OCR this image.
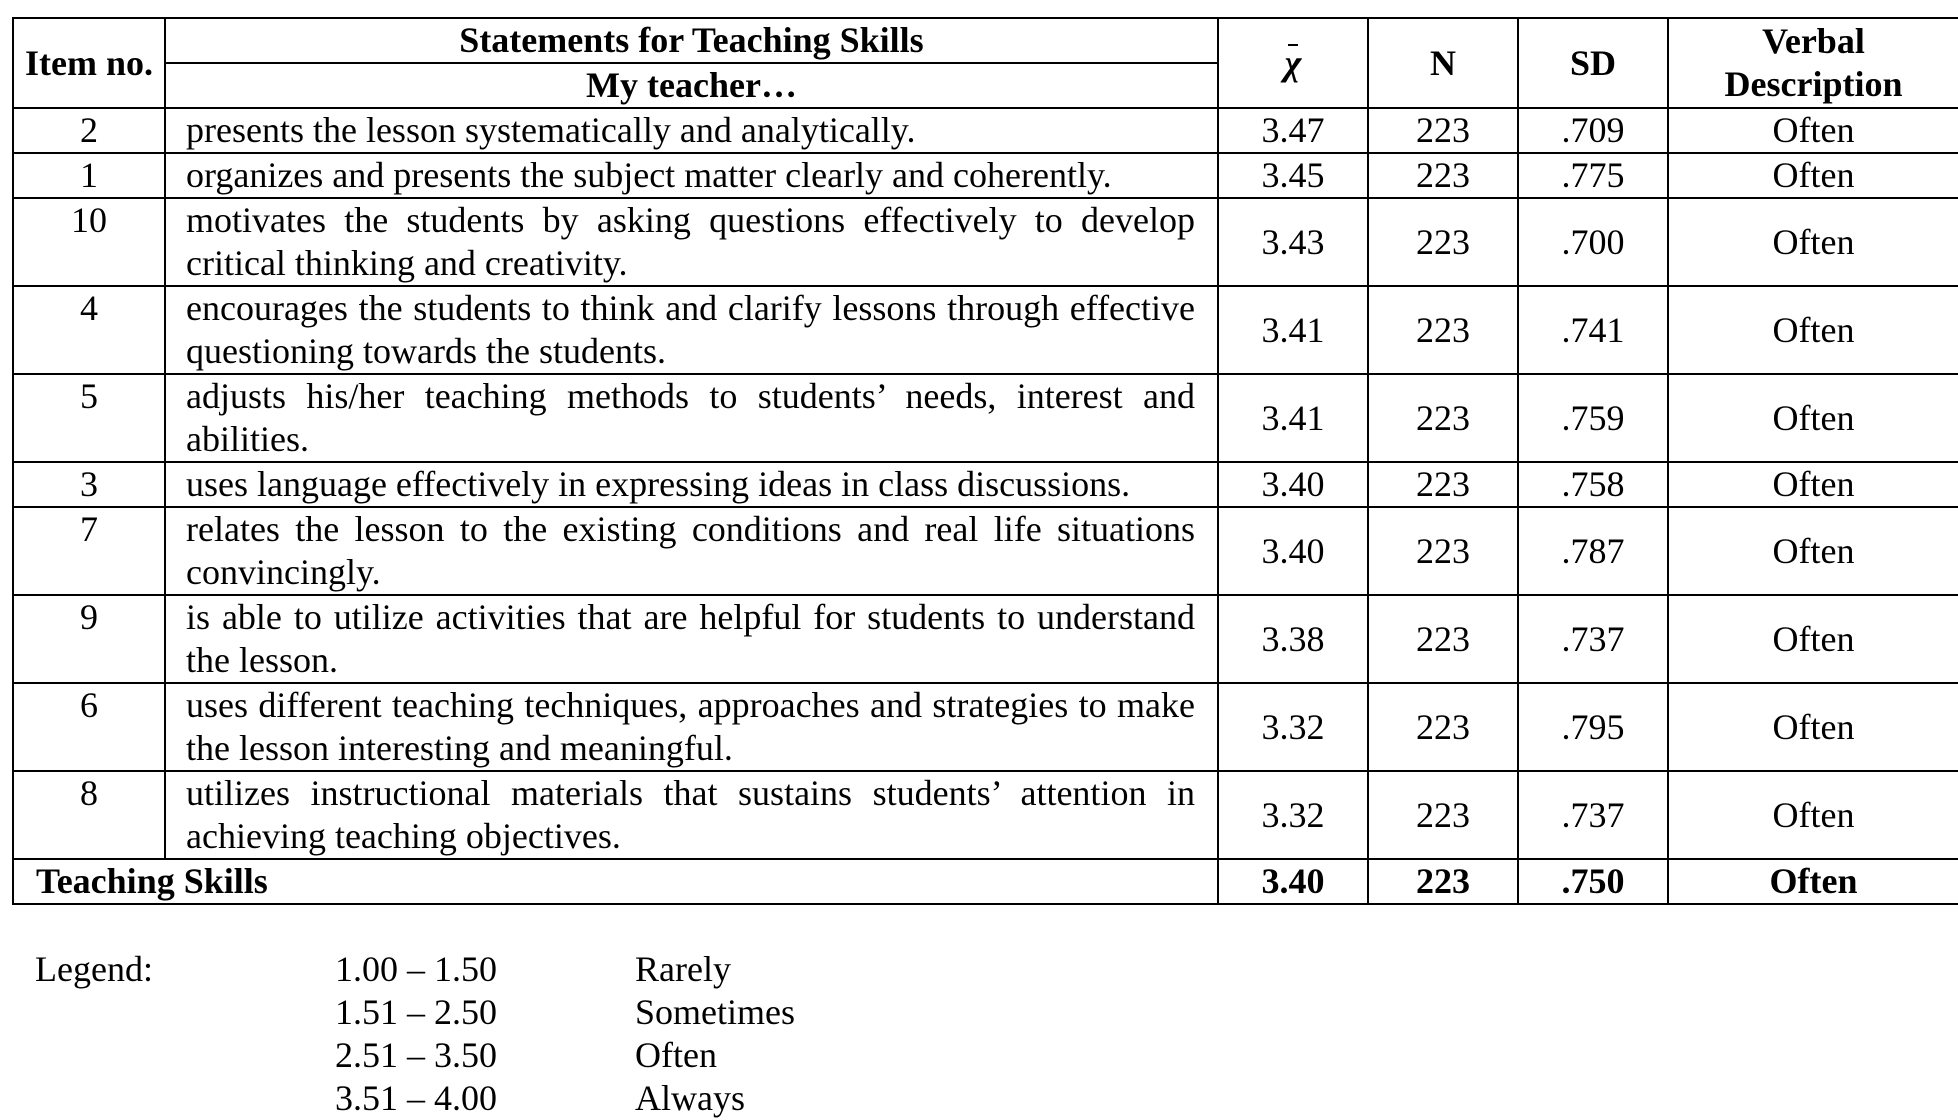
Item no.	Statements for Teaching Skills	χ	N	SD	Verbal Description
	My teacher…				
2	presents the lesson systematically and analytically.	3.47	223	.709	Often
1	organizes and presents the subject matter clearly and coherently.	3.45	223	.775	Often
10	motivates the students by asking questions effectively to develop critical thinking and creativity.	3.43	223	.700	Often
4	encourages the students to think and clarify lessons through effective questioning towards the students.	3.41	223	.741	Often
5	adjusts his/her teaching methods to students’ needs, interest and abilities.	3.41	223	.759	Often
3	uses language effectively in expressing ideas in class discussions.	3.40	223	.758	Often
7	relates the lesson to the existing conditions and real life situations convincingly.	3.40	223	.787	Often
9	is able to utilize activities that are helpful for students to understand the lesson.	3.38	223	.737	Often
6	uses different teaching techniques, approaches and strategies to make the lesson interesting and meaningful.	3.32	223	.795	Often
8	utilizes instructional materials that sustains students’ attention in achieving teaching objectives.	3.32	223	.737	Often
Teaching Skills		3.40	223	.750	Often
Legend:	1.00 – 1.50	Rarely
1.51 – 2.50	Sometimes
2.51 – 3.50	Often
3.51 – 4.00	Always
